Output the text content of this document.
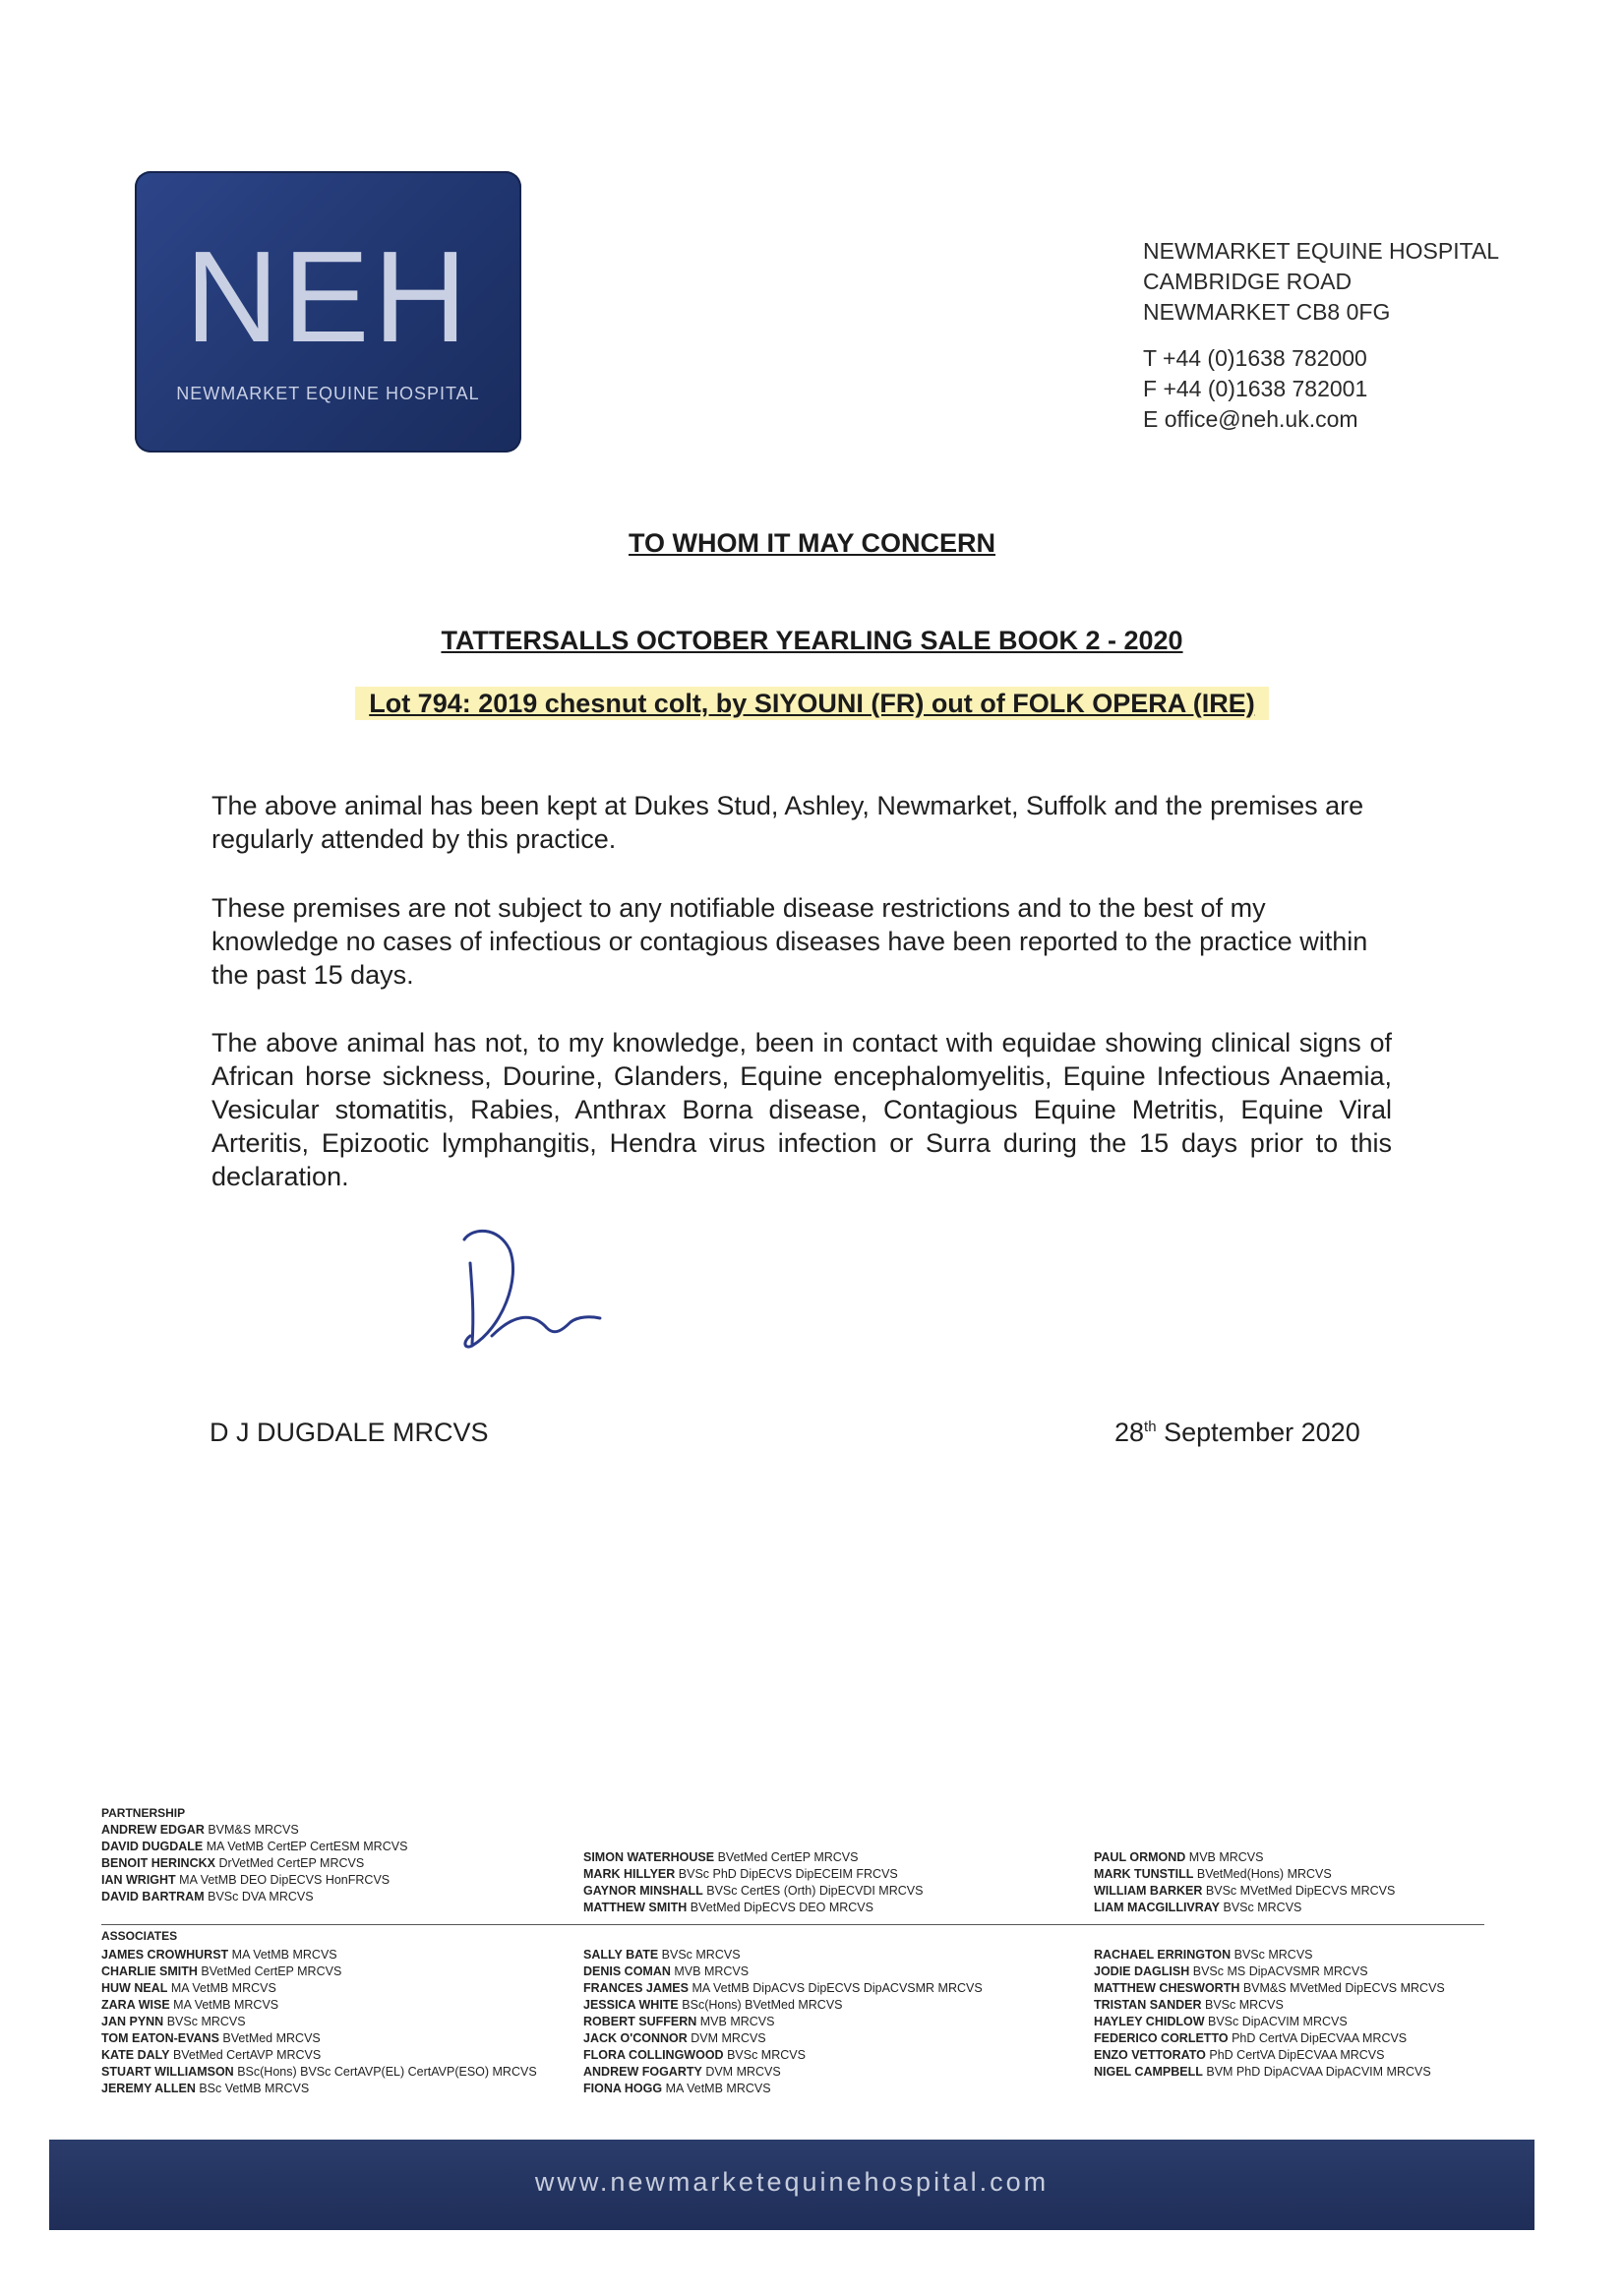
NEH
NEWMARKET EQUINE HOSPITAL
NEWMARKET EQUINE HOSPITAL
CAMBRIDGE ROAD
NEWMARKET CB8 0FG
T +44 (0)1638 782000
F +44 (0)1638 782001
E office@neh.uk.com
TO WHOM IT MAY CONCERN
TATTERSALLS OCTOBER YEARLING SALE BOOK 2 - 2020
Lot 794: 2019 chesnut colt, by SIYOUNI (FR) out of FOLK OPERA (IRE)
The above animal has been kept at Dukes Stud, Ashley, Newmarket, Suffolk and the premises are regularly attended by this practice.
These premises are not subject to any notifiable disease restrictions and to the best of my knowledge no cases of infectious or contagious diseases have been reported to the practice within the past 15 days.
The above animal has not, to my knowledge, been in contact with equidae showing clinical signs of African horse sickness, Dourine, Glanders, Equine encephalomyelitis, Equine Infectious Anaemia, Vesicular stomatitis, Rabies, Anthrax Borna disease, Contagious Equine Metritis, Equine Viral Arteritis, Epizootic lymphangitis, Hendra virus infection or Surra during the 15 days prior to this declaration.
D J DUGDALE MRCVS	28th September 2020
PARTNERSHIP
ANDREW EDGAR BVM&S MRCVS
DAVID DUGDALE MA VetMB CertEP CertESM MRCVS
BENOIT HERINCKX DrVetMed CertEP MRCVS
IAN WRIGHT MA VetMB DEO DipECVS HonFRCVS
DAVID BARTRAM BVSc DVA MRCVS
SIMON WATERHOUSE BVetMed CertEP MRCVS
MARK HILLYER BVSc PhD DipECVS DipECEIM FRCVS
GAYNOR MINSHALL BVSc CertES (Orth) DipECVDI MRCVS
MATTHEW SMITH BVetMed DipECVS DEO MRCVS
PAUL ORMOND MVB MRCVS
MARK TUNSTILL BVetMed(Hons) MRCVS
WILLIAM BARKER BVSc MVetMed DipECVS MRCVS
LIAM MACGILLIVRAY BVSc MRCVS
ASSOCIATES
JAMES CROWHURST MA VetMB MRCVS
CHARLIE SMITH BVetMed CertEP MRCVS
HUW NEAL MA VetMB MRCVS
ZARA WISE MA VetMB MRCVS
JAN PYNN BVSc MRCVS
TOM EATON-EVANS BVetMed MRCVS
KATE DALY BVetMed CertAVP MRCVS
STUART WILLIAMSON BSc(Hons) BVSc CertAVP(EL) CertAVP(ESO) MRCVS
JEREMY ALLEN BSc VetMB MRCVS
SALLY BATE BVSc MRCVS
DENIS COMAN MVB MRCVS
FRANCES JAMES MA VetMB DipACVS DipECVS DipACVSMR MRCVS
JESSICA WHITE BSc(Hons) BVetMed MRCVS
ROBERT SUFFERN MVB MRCVS
JACK O'CONNOR DVM MRCVS
FLORA COLLINGWOOD BVSc MRCVS
ANDREW FOGARTY DVM MRCVS
FIONA HOGG MA VetMB MRCVS
RACHAEL ERRINGTON BVSc MRCVS
JODIE DAGLISH BVSc MS DipACVSMR MRCVS
MATTHEW CHESWORTH BVM&S MVetMed DipECVS MRCVS
TRISTAN SANDER BVSc MRCVS
HAYLEY CHIDLOW BVSc DipACVIM MRCVS
FEDERICO CORLETTO PhD CertVA DipECVAA MRCVS
ENZO VETTORATO PhD CertVA DipECVAA MRCVS
NIGEL CAMPBELL BVM PhD DipACVAA DipACVIM MRCVS
www.newmarketequinehospital.com
